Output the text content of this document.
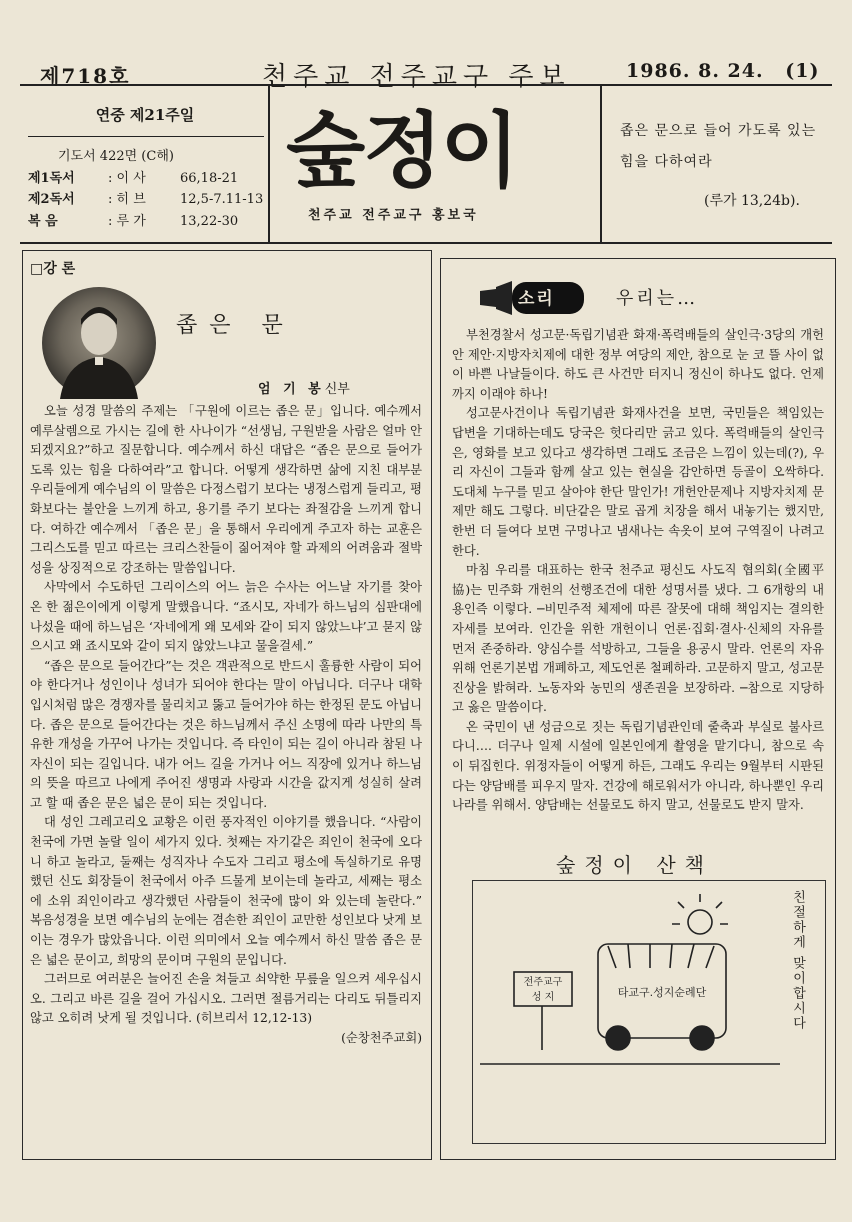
제718호	천주교 전주교구 주보	1986. 8. 24. (1)
연중 제21주일
기도서 422면 (C해)
제1독서	: 이 사	66,18-21
제2독서	: 히 브	12,5-7.11-13
복 음	: 루 가	13,22-30
숲정이
천주교 전주교구 홍보국
좁은 문으로 들어 가도록 있는 힘을 다하여라
(루가 13,24b).
□강 론
좁은 문
엄 기 봉신부

오늘 성경 말씀의 주제는 「구원에 이르는 좁은 문」입니다. 예수께서 예루살렘으로 가시는 길에 한 사나이가 “선생님, 구원받을 사람은 얼마 안되겠지요?”하고 질문합니다. 예수께서 하신 대답은 “좁은 문으로 들어가도록 있는 힘을 다하여라”고 합니다. 어떻게 생각하면 삶에 지친 대부분 우리들에게 예수님의 이 말씀은 다정스럽기 보다는 냉정스럽게 들리고, 평화보다는 불안을 느끼게 하고, 용기를 주기 보다는 좌절감을 느끼게 합니다. 여하간 예수께서 「좁은 문」을 통해서 우리에게 주고자 하는 교훈은 그리스도를 믿고 따르는 크리스찬들이 짊어져야 할 과제의 어려움과 절박성을 상징적으로 강조하는 말씀입니다.

사막에서 수도하던 그리이스의 어느 늙은 수사는 어느날 자기를 찾아 온 한 젊은이에게 이렇게 말했읍니다. “죠시모, 자네가 하느님의 심판대에 나섰을 때에 하느님은 ‘자네에게 왜 모세와 같이 되지 않았느냐’고 묻지 않으시고 왜 죠시모와 같이 되지 않았느냐고 물을걸세.”

“좁은 문으로 들어간다”는 것은 객관적으로 반드시 훌륭한 사람이 되어야 한다거나 성인이나 성녀가 되어야 한다는 말이 아닙니다. 더구나 대학입시처럼 많은 경쟁자를 물리치고 뚫고 들어가야 하는 한정된 문도 아닙니다. 좁은 문으로 들어간다는 것은 하느님께서 주신 소명에 따라 나만의 특유한 개성을 가꾸어 나가는 것입니다. 즉 타인이 되는 길이 아니라 참된 나 자신이 되는 길입니다. 내가 어느 길을 가거나 어느 직장에 있거나 하느님의 뜻을 따르고 나에게 주어진 생명과 사랑과 시간을 값지게 성실히 살려고 할 때 좁은 문은 넓은 문이 되는 것입니다.

대 성인 그레고리오 교황은 이런 풍자적인 이야기를 했읍니다. “사람이 천국에 가면 놀랄 일이 세가지 있다. 첫째는 자기같은 죄인이 천국에 오다니 하고 놀라고, 둘째는 성직자나 수도자 그리고 평소에 독실하기로 유명했던 신도 회장들이 천국에서 아주 드물게 보이는데 놀라고, 세째는 평소에 소위 죄인이라고 생각했던 사람들이 천국에 많이 와 있는데 놀란다.” 복음성경을 보면 예수님의 눈에는 겸손한 죄인이 교만한 성인보다 낫게 보이는 경우가 많았읍니다. 이런 의미에서 오늘 예수께서 하신 말씀 좁은 문은 넓은 문이고, 희망의 문이며 구원의 문입니다.

그러므로 여러분은 늘어진 손을 쳐들고 쇠약한 무릎을 일으켜 세우십시오. 그리고 바른 길을 걸어 가십시오. 그러면 절름거리는 다리도 뒤틀리지 않고 오히려 낫게 될 것입니다. (히브리서 12,12-13)

(순창천주교회)
소리	우리는…

부천경찰서 성고문·독립기념관 화재·폭력배들의 살인극·3당의 개헌안 제안·지방자치제에 대한 정부 여당의 제안, 참으로 눈 코 뜰 사이 없이 바쁜 나날들이다. 하도 큰 사건만 터지니 정신이 하나도 없다. 언제까지 이래야 하나!

성고문사건이나 독립기념관 화재사건을 보면, 국민들은 책임있는 답변을 기대하는데도 당국은 헛다리만 긁고 있다. 폭력배들의 살인극은, 영화를 보고 있다고 생각하면 그래도 조금은 느낌이 있는데(?), 우리 자신이 그들과 함께 살고 있는 현실을 감안하면 등골이 오싹하다. 도대체 누구를 믿고 살아야 한단 말인가! 개헌안문제나 지방자치제 문제만 해도 그렇다. 비단같은 말로 곱게 치장을 해서 내놓기는 했지만, 한번 더 들여다 보면 구멍나고 냄새나는 속옷이 보여 구역질이 나려고 한다.

마침 우리를 대표하는 한국 천주교 평신도 사도직 협의회(全國平協)는 민주화 개헌의 선행조건에 대한 성명서를 냈다. 그 6개항의 내용인즉 이렇다. ─비민주적 체제에 따른 잘못에 대해 책임지는 결의한 자세를 보여라. 인간을 위한 개헌이니 언론·집회·결사·신체의 자유를 먼저 존중하라. 양심수를 석방하고, 그들을 용공시 말라. 언론의 자유 위해 언론기본법 개폐하고, 제도언론 철폐하라. 고문하지 말고, 성고문 진상을 밝혀라. 노동자와 농민의 생존권을 보장하라. ─참으로 지당하고 옳은 말씀이다.

온 국민이 낸 성금으로 짓는 독립기념관인데 줄축과 부실로 불사르다니…. 더구나 일제 시설에 일본인에게 촬영을 맡기다니, 참으로 속이 뒤집힌다. 위정자들이 어떻게 하든, 그래도 우리는 9월부터 시판된다는 양담배를 피우지 말자. 건강에 해로워서가 아니라, 하나뿐인 우리 나라를 위해서. 양담배는 선물로도 하지 말고, 선물로도 받지 말자.

숲정이 산책
전주교구
성 지	타교구.성지순례단	친절하게 맞이합시다
